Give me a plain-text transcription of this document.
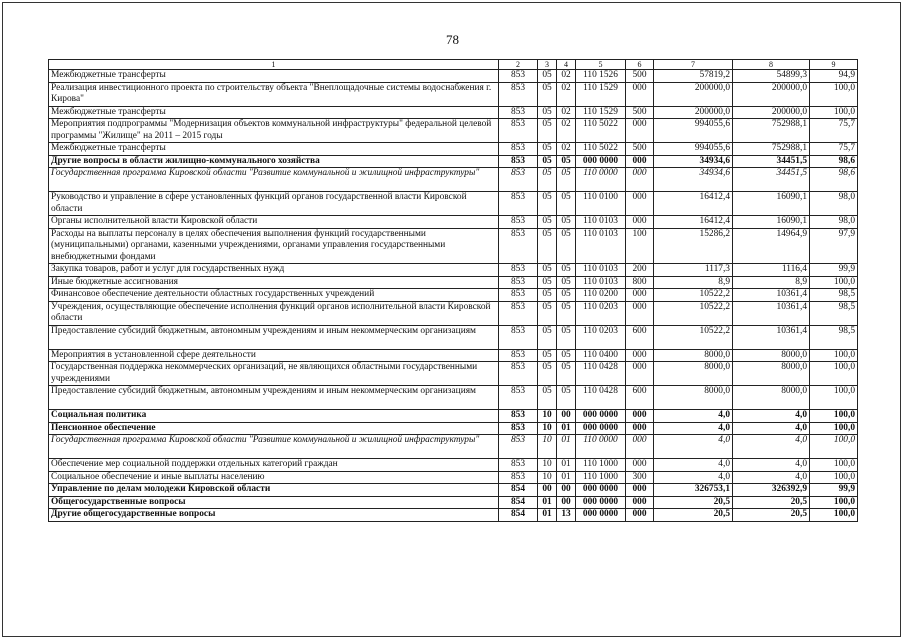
78
1	2	3	4	5	6	7	8	9
Межбюджетные трансферты	853	05	02	110 1526	500	57819,2	54899,3	94,9
Реализация инвестиционного проекта по строительству объекта "Внеплощадочные системы водоснабжения г. Кирова"	853	05	02	110 1529	000	200000,0	200000,0	100,0
Межбюджетные трансферты	853	05	02	110 1529	500	200000,0	200000,0	100,0
Мероприятия подпрограммы "Модернизация объектов коммунальной инфраструктуры" федеральной целевой программы "Жилище" на 2011 – 2015 годы	853	05	02	110 5022	000	994055,6	752988,1	75,7
Межбюджетные трансферты	853	05	02	110 5022	500	994055,6	752988,1	75,7
Другие вопросы в области жилищно-коммунального хозяйства	853	05	05	000 0000	000	34934,6	34451,5	98,6
Государственная программа Кировской области "Развитие коммунальной и жилищной инфраструктуры"	853	05	05	110 0000	000	34934,6	34451,5	98,6
Руководство и управление в сфере установленных функций органов государственной власти Кировской области	853	05	05	110 0100	000	16412,4	16090,1	98,0
Органы исполнительной власти Кировской области	853	05	05	110 0103	000	16412,4	16090,1	98,0
Расходы на выплаты персоналу в целях обеспечения выполнения функций государственными (муниципальными) органами, казенными учреждениями, органами управления государственными внебюджетными фондами	853	05	05	110 0103	100	15286,2	14964,9	97,9
Закупка товаров, работ и услуг для государственных нужд	853	05	05	110 0103	200	1117,3	1116,4	99,9
Иные бюджетные ассигнования	853	05	05	110 0103	800	8,9	8,9	100,0
Финансовое обеспечение деятельности областных государственных учреждений	853	05	05	110 0200	000	10522,2	10361,4	98,5
Учреждения, осуществляющие обеспечение исполнения функций органов исполнительной власти Кировской области	853	05	05	110 0203	000	10522,2	10361,4	98,5
Предоставление субсидий бюджетным, автономным учреждениям и иным некоммерческим организациям	853	05	05	110 0203	600	10522,2	10361,4	98,5
Мероприятия в установленной сфере деятельности	853	05	05	110 0400	000	8000,0	8000,0	100,0
Государственная поддержка некоммерческих организаций, не являющихся областными государственными учреждениями	853	05	05	110 0428	000	8000,0	8000,0	100,0
Предоставление субсидий бюджетным, автономным учреждениям и иным некоммерческим организациям	853	05	05	110 0428	600	8000,0	8000,0	100,0
Социальная политика	853	10	00	000 0000	000	4,0	4,0	100,0
Пенсионное обеспечение	853	10	01	000 0000	000	4,0	4,0	100,0
Государственная программа Кировской области "Развитие коммунальной и жилищной инфраструктуры"	853	10	01	110 0000	000	4,0	4,0	100,0
Обеспечение мер социальной поддержки отдельных категорий граждан	853	10	01	110 1000	000	4,0	4,0	100,0
Социальное обеспечение и иные выплаты населению	853	10	01	110 1000	300	4,0	4,0	100,0
Управление по делам молодежи Кировской области	854	00	00	000 0000	000	326753,1	326392,9	99,9
Общегосударственные вопросы	854	01	00	000 0000	000	20,5	20,5	100,0
Другие общегосударственные вопросы	854	01	13	000 0000	000	20,5	20,5	100,0
